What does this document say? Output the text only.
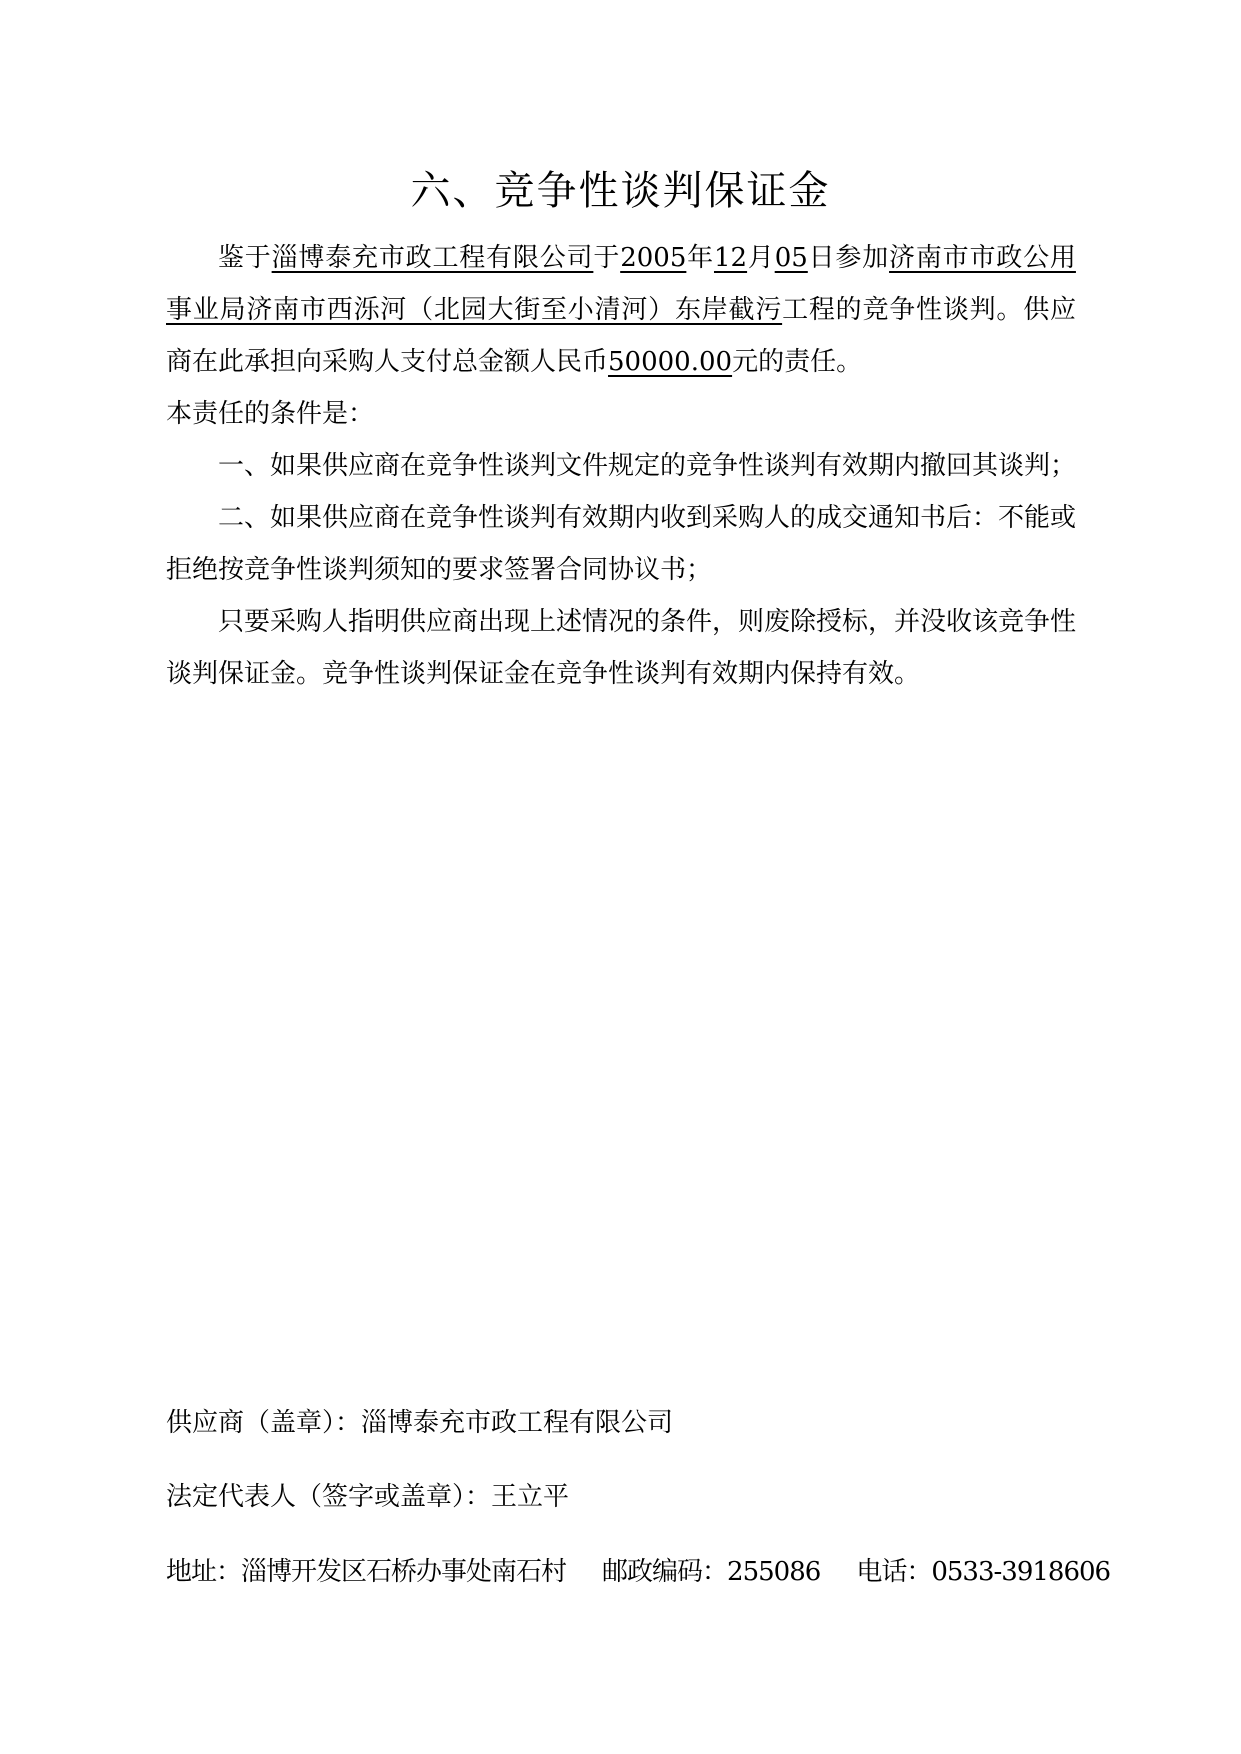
六、竞争性谈判保证金

鉴于淄博泰充市政工程有限公司于2005年12月05日参加济南市市政公用事业局济南市西泺河（北园大街至小清河）东岸截污工程的竞争性谈判。供应商在此承担向采购人支付总金额人民币50000.00元的责任。

本责任的条件是：

一、如果供应商在竞争性谈判文件规定的竞争性谈判有效期内撤回其谈判；

二、如果供应商在竞争性谈判有效期内收到采购人的成交通知书后：不能或拒绝按竞争性谈判须知的要求签署合同协议书；

只要采购人指明供应商出现上述情况的条件，则废除授标，并没收该竞争性谈判保证金。竞争性谈判保证金在竞争性谈判有效期内保持有效。

供应商（盖章）：淄博泰充市政工程有限公司
法定代表人（签字或盖章）：王立平
地址：淄博开发区石桥办事处南石村 邮政编码：255086 电话：0533-3918606
